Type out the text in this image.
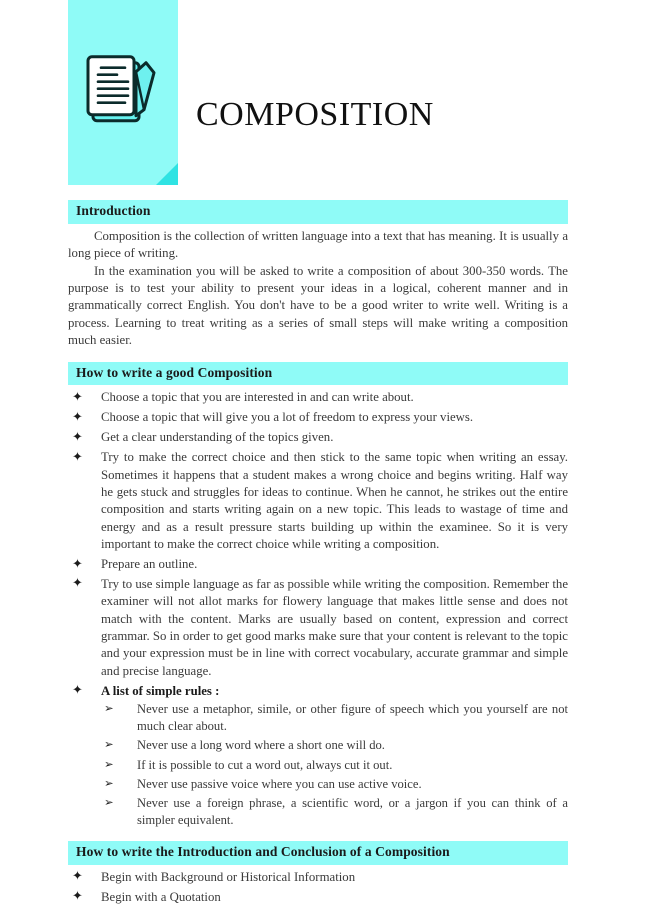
COMPOSITION
Introduction

Composition is the collection of written language into a text that has meaning. It is usually a long piece of writing.

In the examination you will be asked to write a composition of about 300-350 words. The purpose is to test your ability to present your ideas in a logical, coherent manner and in grammatically correct English. You don't have to be a good writer to write well. Writing is a process. Learning to treat writing as a series of small steps will make writing a composition much easier.

How to write a good Composition
✦ Choose a topic that you are interested in and can write about.
✦ Choose a topic that will give you a lot of freedom to express your views.
✦ Get a clear understanding of the topics given.
✦ Try to make the correct choice and then stick to the same topic when writing an essay. Sometimes it happens that a student makes a wrong choice and begins writing. Half way he gets stuck and struggles for ideas to continue. When he cannot, he strikes out the entire composition and starts writing again on a new topic. This leads to wastage of time and energy and as a result pressure starts building up within the examinee. So it is very important to make the correct choice while writing a composition.
✦ Prepare an outline.
✦ Try to use simple language as far as possible while writing the composition. Remember the examiner will not allot marks for flowery language that makes little sense and does not match with the content. Marks are usually based on content, expression and correct grammar. So in order to get good marks make sure that your content is relevant to the topic and your expression must be in line with correct vocabulary, accurate grammar and simple and precise language.
✦ A list of simple rules :
➢ Never use a metaphor, simile, or other figure of speech which you yourself are not much clear about.
➢ Never use a long word where a short one will do.
➢ If it is possible to cut a word out, always cut it out.
➢ Never use passive voice where you can use active voice.
➢ Never use a foreign phrase, a scientific word, or a jargon if you can think of a simpler equivalent.
How to write the Introduction and Conclusion of a Composition
✦ Begin with Background or Historical Information
✦ Begin with a Quotation
